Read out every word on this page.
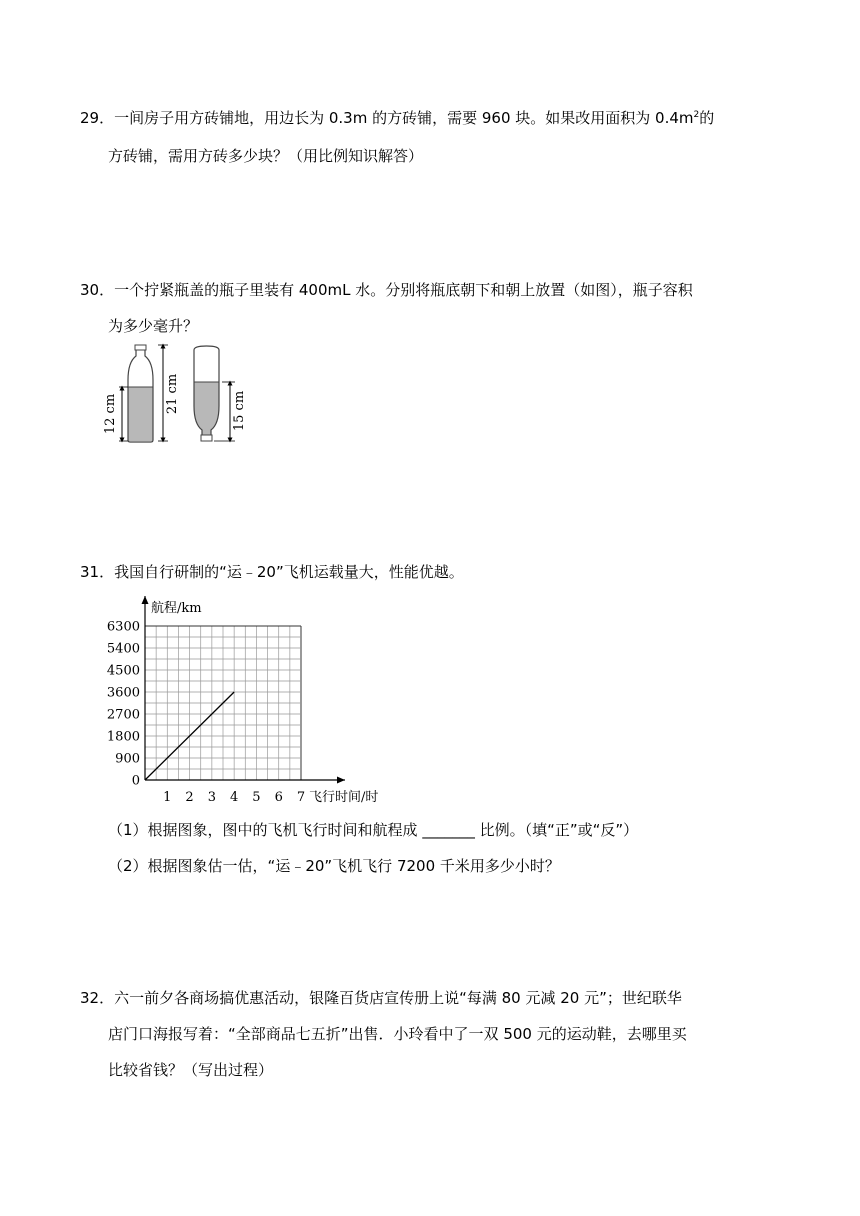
29．一间房子用方砖铺地，用边长为 0.3m 的方砖铺，需要 960 块。如果改用面积为 $0.4m^2$的
方砖铺，需用方砖多少块？（用比例知识解答）
30．一个拧紧瓶盖的瓶子里装有 400mL 水。分别将瓶底朝下和朝上放置（如图），瓶子容积
为多少毫升？
12 cm	21 cm	15 cm
31．我国自行研制的“运﹣20”飞机运载量大，性能优越。
1 2 3 4 5 6 7
0
900
1800
2700
3600
4500
5400
6300
航程/km
飞行时间/时
（1）根据图象，图中的飞机飞行时间和航程成 _______ 比例。（填“正”或“反”）
（2）根据图象估一估，“运﹣20”飞机飞行 7200 千米用多少小时？
32．六一前夕各商场搞优惠活动，银隆百货店宣传册上说“每满 80 元减 20 元”；世纪联华
店门口海报写着：“全部商品七五折”出售．小玲看中了一双 500 元的运动鞋，去哪里买
比较省钱？（写出过程）
